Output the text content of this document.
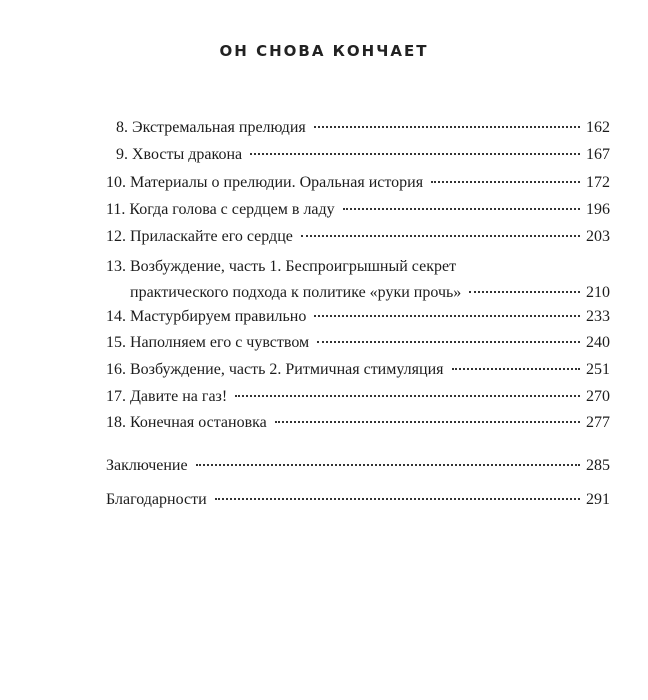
ОН СНОВА КОНЧАЕТ
8. Экстремальная прелюдия	162
9. Хвосты дракона	167
10. Материалы о прелюдии. Оральная история	172
11. Когда голова с сердцем в ладу	196
12. Приласкайте его сердце	203
13. Возбуждение, часть 1. Беспроигрышный секрет
практического подхода к политике «руки прочь»	210
14. Мастурбируем правильно	233
15. Наполняем его с чувством	240
16. Возбуждение, часть 2. Ритмичная стимуляция	251
17. Давите на газ!	270
18. Конечная остановка	277
Заключение	285
Благодарности	291
